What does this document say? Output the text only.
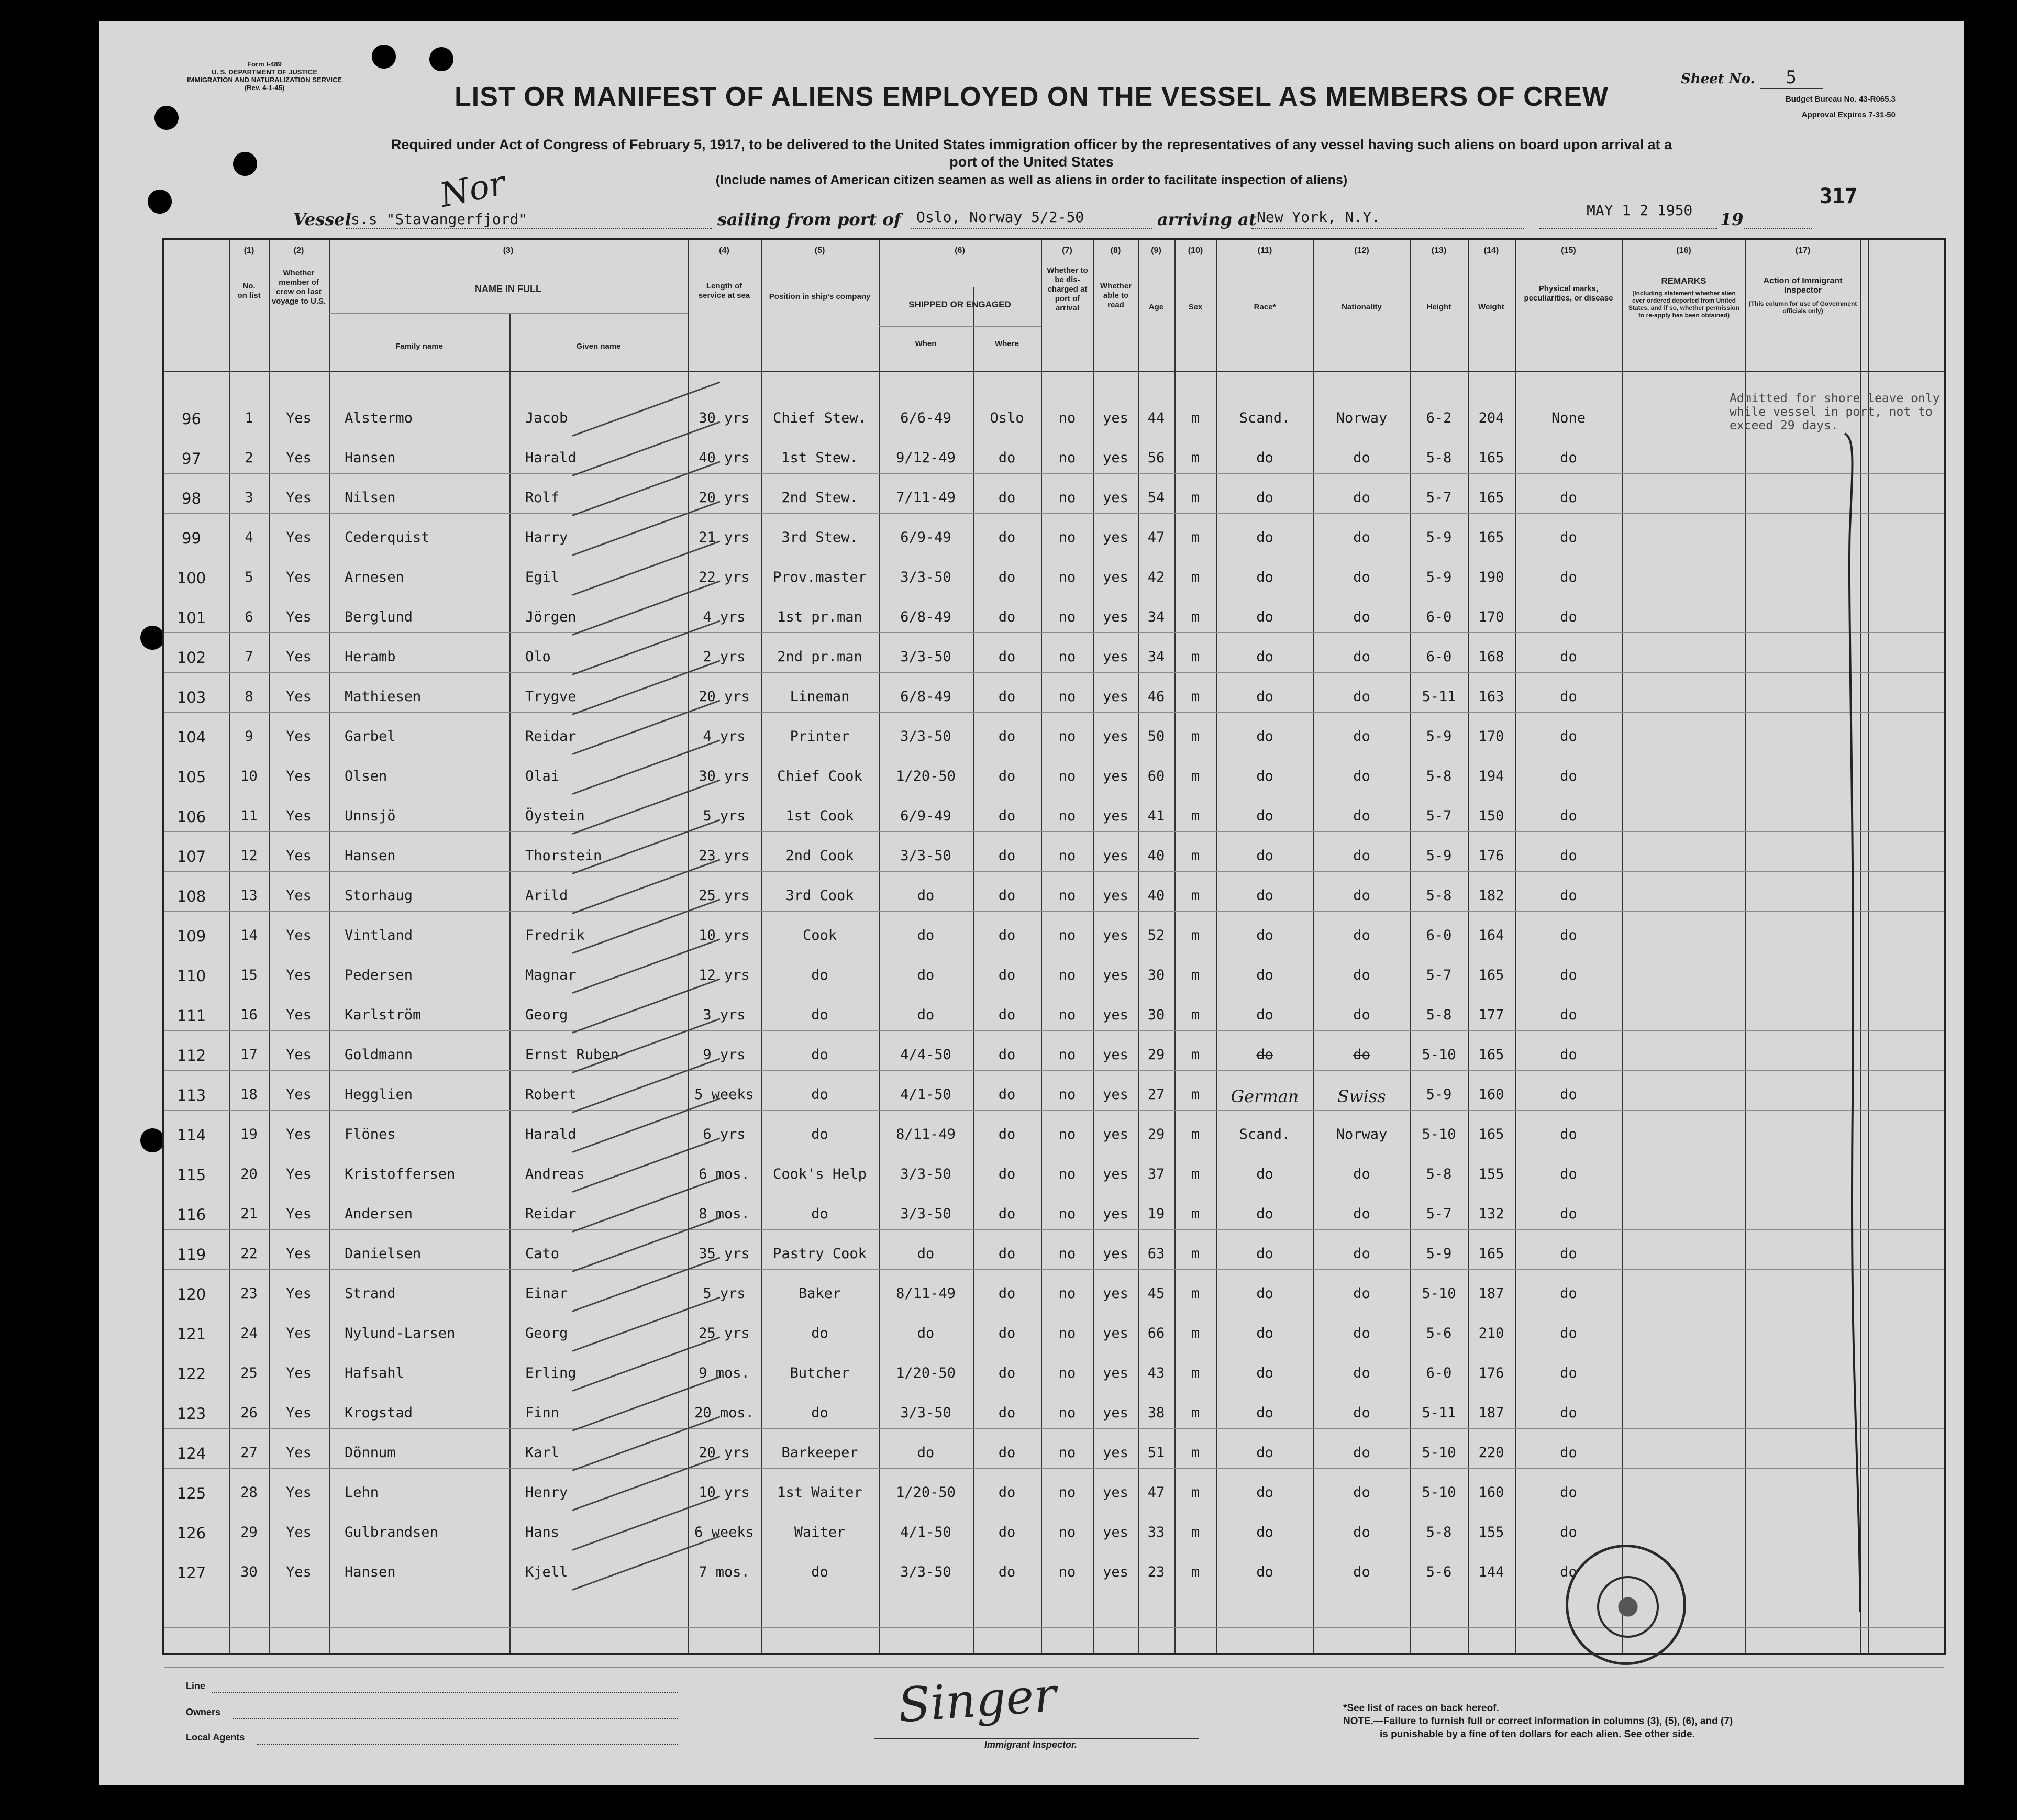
Form I-489
U. S. DEPARTMENT OF JUSTICE
IMMIGRATION AND NATURALIZATION SERVICE
(Rev. 4-1-45)	LIST OR MANIFEST OF ALIENS EMPLOYED ON THE VESSEL AS MEMBERS OF CREW
Sheet No. 5
Budget Bureau No. 43-R065.3
Approval Expires 7-31-50
Required under Act of Congress of February 5, 1917, to be delivered to the United States immigration officer by the representatives of any vessel having such aliens on board upon arrival at a
port of the United States
(Include names of American citizen seamen as well as aliens in order to facilitate inspection of aliens)
Nor
Vessel s.s "Stavangerfjord"	sailing from port of Oslo, Norway 5/2-50	arriving at New York, N.Y.	MAY 1 2 1950 19
317
(1)	(2)	(3)	(4)	(5)	(6)	(7)	(8)	(9)	(10)	(11)	(12)	(13)	(14)	(15)	(16)	(17)
No. on list
Whether member of crew on last voyage to U.S.
NAME IN FULL
Family name	Given name
Length of service at sea	Position in ship's company
SHIPPED OR ENGAGED
When	Where
Whether to be dis-charged at port of arrival
Whether able to read	Age	Sex	Race*	Nationality	Height	Weight
Physical marks, peculiarities, or disease
REMARKS
(Including statement whether alien ever ordered deported from United States, and if so, whether permission to re-apply has been obtained)
Action of Immigrant Inspector
(This column for use of Government officials only)
96	1	Yes	Alstermo	Jacob	30 yrs	Chief Stew.	6/6-49	Oslo	no	yes	44	m	Scand.	Norway	6-2	204	None
97	2	Yes	Hansen	Harald	40 yrs	1st Stew.	9/12-49	do	no	yes	56	m	do	do	5-8	165	do
98	3	Yes	Nilsen	Rolf	20 yrs	2nd Stew.	7/11-49	do	no	yes	54	m	do	do	5-7	165	do
99	4	Yes	Cederquist	Harry	21 yrs	3rd Stew.	6/9-49	do	no	yes	47	m	do	do	5-9	165	do
100	5	Yes	Arnesen	Egil	22 yrs	Prov.master	3/3-50	do	no	yes	42	m	do	do	5-9	190	do
101	6	Yes	Berglund	Jörgen	4 yrs	1st pr.man	6/8-49	do	no	yes	34	m	do	do	6-0	170	do
102	7	Yes	Heramb	Olo	2 yrs	2nd pr.man	3/3-50	do	no	yes	34	m	do	do	6-0	168	do
103	8	Yes	Mathiesen	Trygve	20 yrs	Lineman	6/8-49	do	no	yes	46	m	do	do	5-11	163	do
104	9	Yes	Garbel	Reidar	4 yrs	Printer	3/3-50	do	no	yes	50	m	do	do	5-9	170	do
105	10	Yes	Olsen	Olai	30 yrs	Chief Cook	1/20-50	do	no	yes	60	m	do	do	5-8	194	do
106	11	Yes	Unnsjö	Öystein	5 yrs	1st Cook	6/9-49	do	no	yes	41	m	do	do	5-7	150	do
107	12	Yes	Hansen	Thorstein	23 yrs	2nd Cook	3/3-50	do	no	yes	40	m	do	do	5-9	176	do
108	13	Yes	Storhaug	Arild	25 yrs	3rd Cook	do	do	no	yes	40	m	do	do	5-8	182	do
109	14	Yes	Vintland	Fredrik	10 yrs	Cook	do	do	no	yes	52	m	do	do	6-0	164	do
110	15	Yes	Pedersen	Magnar	12 yrs	do	do	do	no	yes	30	m	do	do	5-7	165	do
111	16	Yes	Karlström	Georg	3 yrs	do	do	do	no	yes	30	m	do	do	5-8	177	do
112	17	Yes	Goldmann	Ernst Ruben	9 yrs	do	4/4-50	do	no	yes	29	m	do	do	5-10	165	do
113	18	Yes	Hegglien	Robert	5 weeks	do	4/1-50	do	no	yes	27	m	German	Swiss	5-9	160	do
114	19	Yes	Flönes	Harald	6 yrs	do	8/11-49	do	no	yes	29	m	Scand.	Norway	5-10	165	do
115	20	Yes	Kristoffersen	Andreas	6 mos.	Cook's Help	3/3-50	do	no	yes	37	m	do	do	5-8	155	do
116	21	Yes	Andersen	Reidar	8 mos.	do	3/3-50	do	no	yes	19	m	do	do	5-7	132	do
119	22	Yes	Danielsen	Cato	35 yrs	Pastry Cook	do	do	no	yes	63	m	do	do	5-9	165	do
120	23	Yes	Strand	Einar	5 yrs	Baker	8/11-49	do	no	yes	45	m	do	do	5-10	187	do
121	24	Yes	Nylund-Larsen	Georg	25 yrs	do	do	do	no	yes	66	m	do	do	5-6	210	do
122	25	Yes	Hafsahl	Erling	9 mos.	Butcher	1/20-50	do	no	yes	43	m	do	do	6-0	176	do
123	26	Yes	Krogstad	Finn	20 mos.	do	3/3-50	do	no	yes	38	m	do	do	5-11	187	do
124	27	Yes	Dönnum	Karl	20 yrs	Barkeeper	do	do	no	yes	51	m	do	do	5-10	220	do
125	28	Yes	Lehn	Henry	10 yrs	1st Waiter	1/20-50	do	no	yes	47	m	do	do	5-10	160	do
126	29	Yes	Gulbrandsen	Hans	6 weeks	Waiter	4/1-50	do	no	yes	33	m	do	do	5-8	155	do
127	30	Yes	Hansen	Kjell	7 mos.	do	3/3-50	do	no	yes	23	m	do	do	5-6	144	do
Admitted for shore leave only while vessel in port, not to exceed 29 days.
Line
Owners
Local Agents
Singer
Immigrant Inspector.
*See list of races on back hereof.
NOTE.—Failure to furnish full or correct information in columns (3), (5), (6), and (7)
is punishable by a fine of ten dollars for each alien. See other side.
